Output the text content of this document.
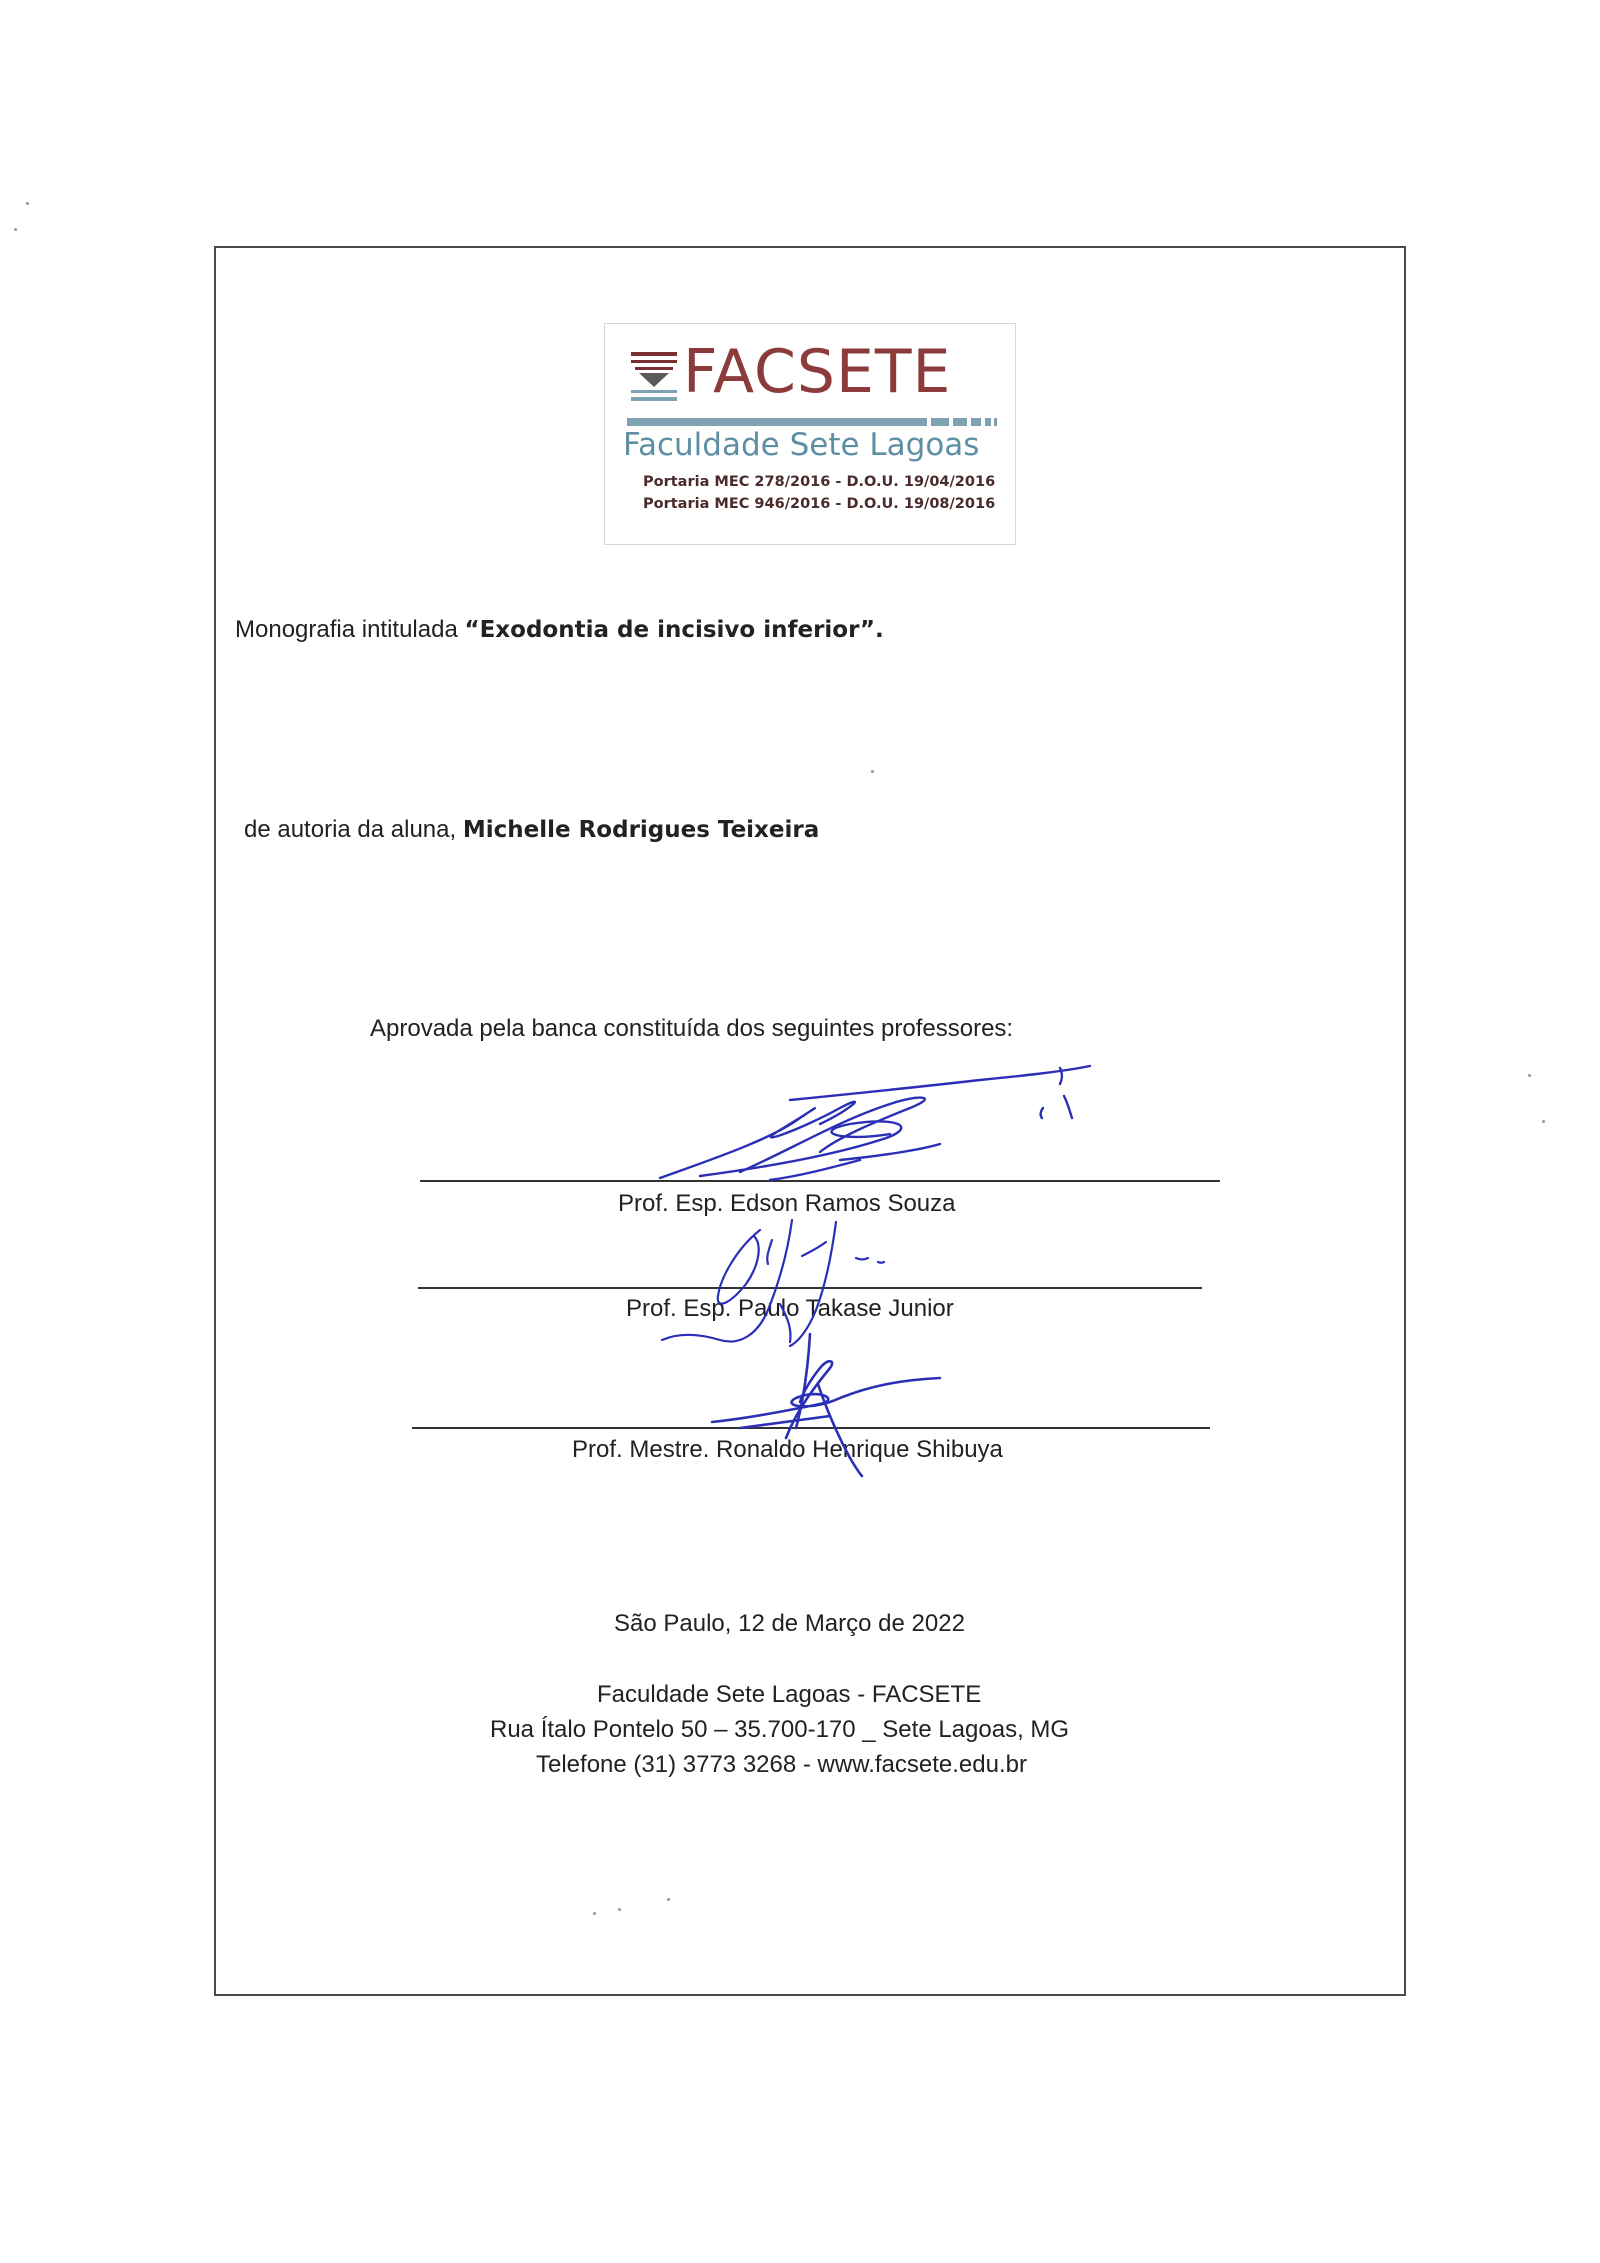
FACSETE
Faculdade Sete Lagoas
Portaria MEC 278/2016 - D.O.U. 19/04/2016
Portaria MEC 946/2016 - D.O.U. 19/08/2016
Monografia intitulada “Exodontia de incisivo inferior”.
de autoria da aluna, Michelle Rodrigues Teixeira
Aprovada pela banca constituída dos seguintes professores:
Prof. Esp. Edson Ramos Souza
Prof. Esp. Paulo Takase Junior
Prof. Mestre. Ronaldo Henrique Shibuya
São Paulo, 12 de Março de 2022
Faculdade Sete Lagoas - FACSETE
Rua Ítalo Pontelo 50 – 35.700-170 _ Sete Lagoas, MG
Telefone (31) 3773 3268 - www.facsete.edu.br
